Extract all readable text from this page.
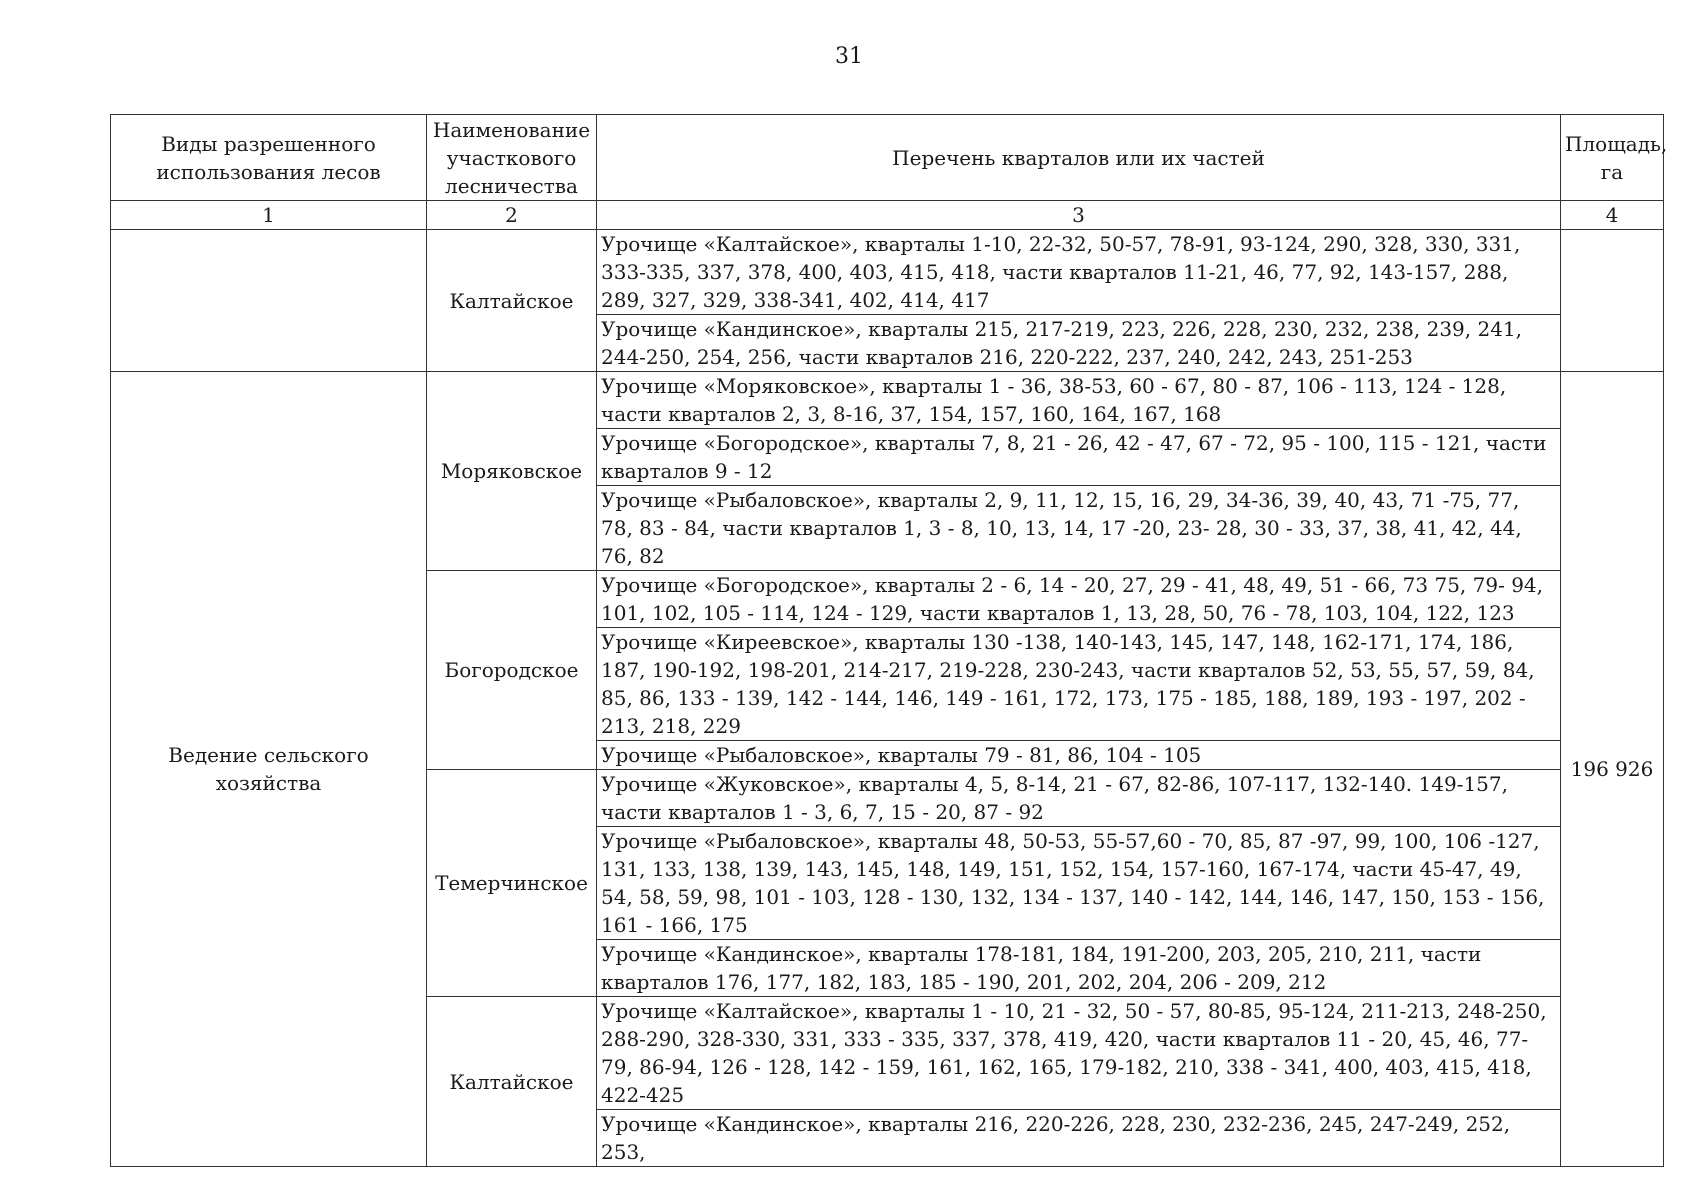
31
Виды разрешенного использования лесов	Наименование участкового лесничества	Перечень кварталов или их частей	Площадь, га
1	2	3	4
	Калтайское	Урочище «Калтайское», кварталы 1-10, 22-32, 50-57, 78-91, 93-124, 290, 328, 330, 331, 333-335, 337, 378, 400, 403, 415, 418, части кварталов 11-21, 46, 77, 92, 143-157, 288, 289, 327, 329, 338-341, 402, 414, 417	
		Урочище «Кандинское», кварталы 215, 217-219, 223, 226, 228, 230, 232, 238, 239, 241, 244-250, 254, 256, части кварталов 216, 220-222, 237, 240, 242, 243, 251-253	
Ведение сельского хозяйства	Моряковское	Урочище «Моряковское», кварталы 1 - 36, 38-53, 60 - 67, 80 - 87, 106 - 113, 124 - 128, части кварталов 2, 3, 8-16, 37, 154, 157, 160, 164, 167, 168	196 926
		Урочище «Богородское», кварталы 7, 8, 21 - 26, 42 - 47, 67 - 72, 95 - 100, 115 - 121, части кварталов 9 - 12	
		Урочище «Рыбаловское», кварталы 2, 9, 11, 12, 15, 16, 29, 34-36, 39, 40, 43, 71 -75, 77, 78, 83 - 84, части кварталов 1, 3 - 8, 10, 13, 14, 17 -20, 23- 28, 30 - 33, 37, 38, 41, 42, 44, 76, 82	
	Богородское	Урочище «Богородское», кварталы 2 - 6, 14 - 20, 27, 29 - 41, 48, 49, 51 - 66, 73 75, 79- 94, 101, 102, 105 - 114, 124 - 129, части кварталов 1, 13, 28, 50, 76 - 78, 103, 104, 122, 123	
		Урочище «Киреевское», кварталы 130 -138, 140-143, 145, 147, 148, 162-171, 174, 186, 187, 190-192, 198-201, 214-217, 219-228, 230-243, части кварталов 52, 53, 55, 57, 59, 84, 85, 86, 133 - 139, 142 - 144, 146, 149 - 161, 172, 173, 175 - 185, 188, 189, 193 - 197, 202 - 213, 218, 229	
		Урочище «Рыбаловское», кварталы 79 - 81, 86, 104 - 105	
	Темерчинское	Урочище «Жуковское», кварталы 4, 5, 8-14, 21 - 67, 82-86, 107-117, 132-140. 149-157, части кварталов 1 - 3, 6, 7, 15 - 20, 87 - 92	
		Урочище «Рыбаловское», кварталы 48, 50-53, 55-57,60 - 70, 85, 87 -97, 99, 100, 106 -127, 131, 133, 138, 139, 143, 145, 148, 149, 151, 152, 154, 157-160, 167-174, части 45-47, 49, 54, 58, 59, 98, 101 - 103, 128 - 130, 132, 134 - 137, 140 - 142, 144, 146, 147, 150, 153 - 156, 161 - 166, 175	
		Урочище «Кандинское», кварталы 178-181, 184, 191-200, 203, 205, 210, 211, части кварталов 176, 177, 182, 183, 185 - 190, 201, 202, 204, 206 - 209, 212	
	Калтайское	Урочище «Калтайское», кварталы 1 - 10, 21 - 32, 50 - 57, 80-85, 95-124, 211-213, 248-250, 288-290, 328-330, 331, 333 - 335, 337, 378, 419, 420, части кварталов 11 - 20, 45, 46, 77-79, 86-94, 126 - 128, 142 - 159, 161, 162, 165, 179-182, 210, 338 - 341, 400, 403, 415, 418, 422-425	
		Урочище «Кандинское», кварталы 216, 220-226, 228, 230, 232-236, 245, 247-249, 252, 253,	
